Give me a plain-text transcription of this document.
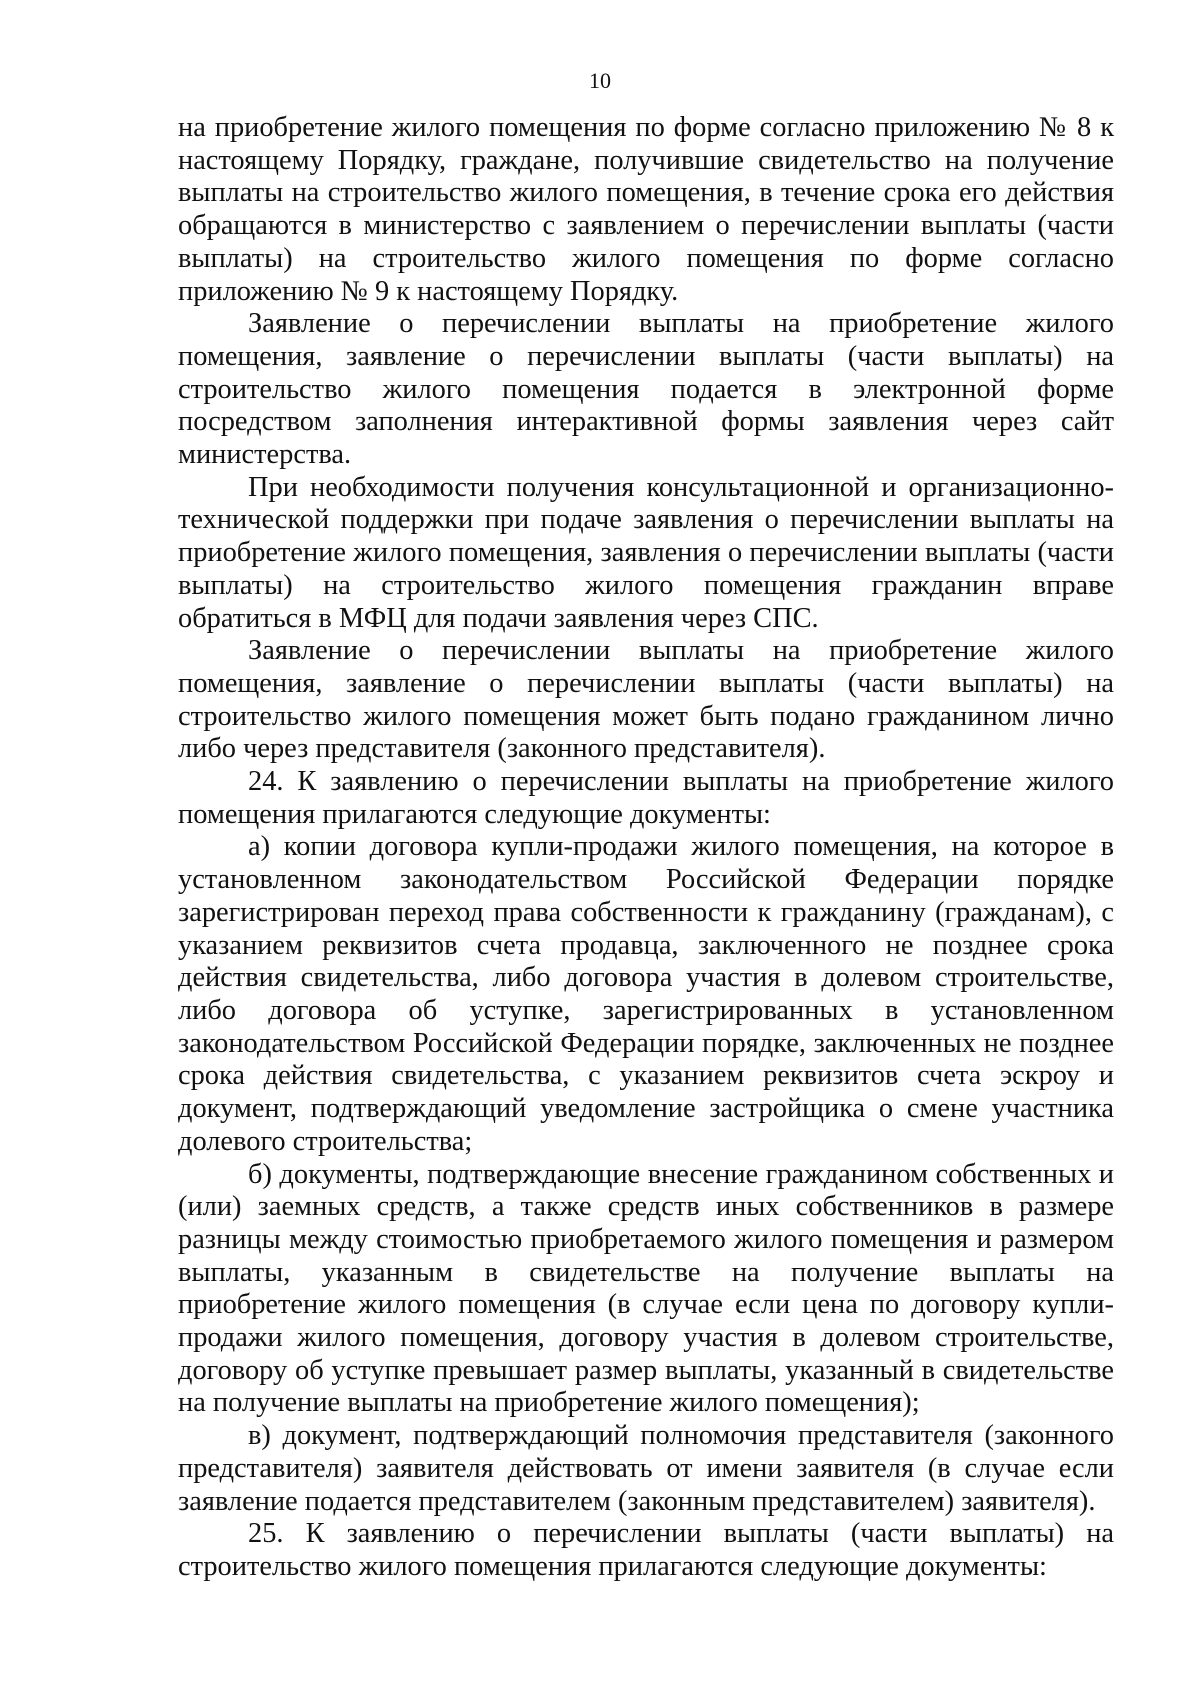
10

на приобретение жилого помещения по форме согласно приложению № 8 к настоящему Порядку, граждане, получившие свидетельство на получение выплаты на строительство жилого помещения, в течение срока его действия обращаются в министерство с заявлением о перечислении выплаты (части выплаты) на строительство жилого помещения по форме согласно приложению № 9 к настоящему Порядку.

Заявление о перечислении выплаты на приобретение жилого помещения, заявление о перечислении выплаты (части выплаты) на строительство жилого помещения подается в электронной форме посредством заполнения интерактивной формы заявления через сайт министерства.

При необходимости получения консультационной и организационно-технической поддержки при подаче заявления о перечислении выплаты на приобретение жилого помещения, заявления о перечислении выплаты (части выплаты) на строительство жилого помещения гражданин вправе обратиться в МФЦ для подачи заявления через СПС.

Заявление о перечислении выплаты на приобретение жилого помещения, заявление о перечислении выплаты (части выплаты) на строительство жилого помещения может быть подано гражданином лично либо через представителя (законного представителя).

24. К заявлению о перечислении выплаты на приобретение жилого помещения прилагаются следующие документы:

а) копии договора купли-продажи жилого помещения, на которое в установленном законодательством Российской Федерации порядке зарегистрирован переход права собственности к гражданину (гражданам), с указанием реквизитов счета продавца, заключенного не позднее срока действия свидетельства, либо договора участия в долевом строительстве, либо договора об уступке, зарегистрированных в установленном законодательством Российской Федерации порядке, заключенных не позднее срока действия свидетельства, с указанием реквизитов счета эскроу и документ, подтверждающий уведомление застройщика о смене участника долевого строительства;

б) документы, подтверждающие внесение гражданином собственных и (или) заемных средств, а также средств иных собственников в размере разницы между стоимостью приобретаемого жилого помещения и размером выплаты, указанным в свидетельстве на получение выплаты на приобретение жилого помещения (в случае если цена по договору купли-продажи жилого помещения, договору участия в долевом строительстве, договору об уступке превышает размер выплаты, указанный в свидетельстве на получение выплаты на приобретение жилого помещения);

в) документ, подтверждающий полномочия представителя (законного представителя) заявителя действовать от имени заявителя (в случае если заявление подается представителем (законным представителем) заявителя).

25. К заявлению о перечислении выплаты (части выплаты) на строительство жилого помещения прилагаются следующие документы:
